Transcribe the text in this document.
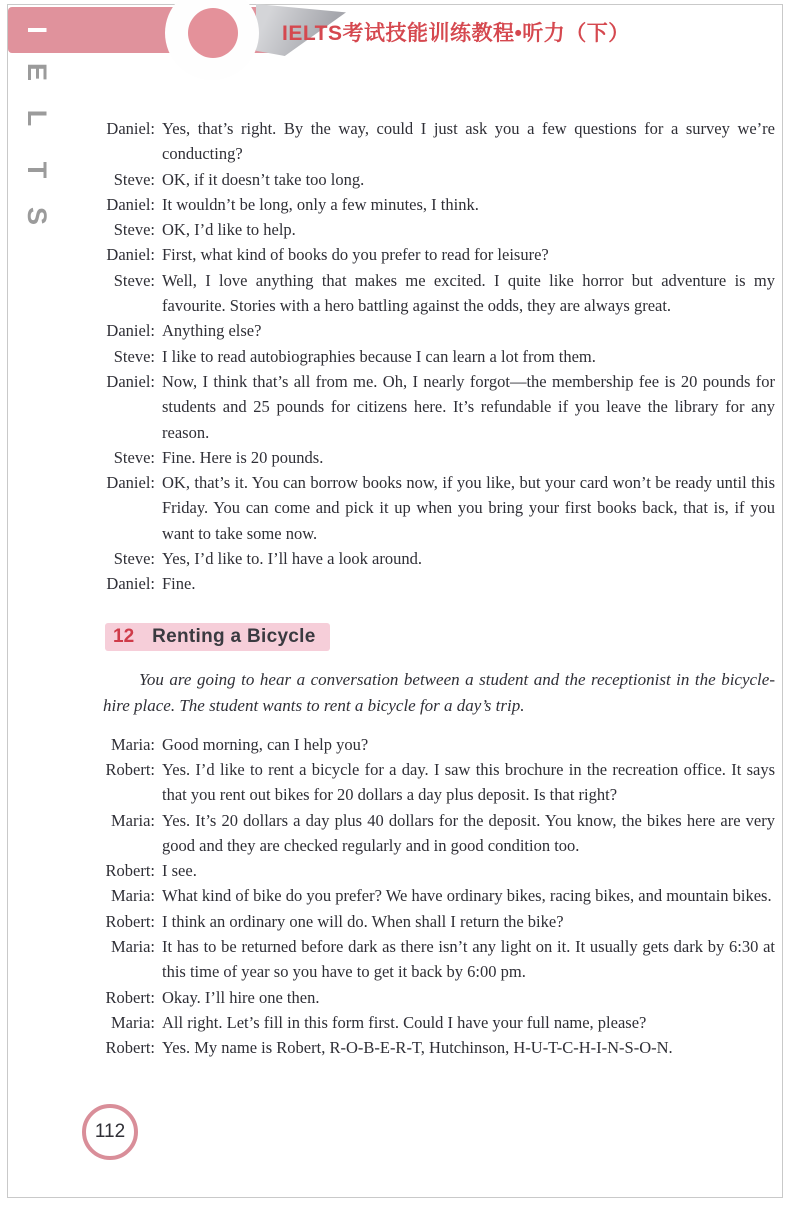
IELTS考试技能训练教程•听力（下）
I
E
L
T
S
Daniel: Yes, that’s right. By the way, could I just ask you a few questions for a survey we’re conducting?
Steve: OK, if it doesn’t take too long.
Daniel: It wouldn’t be long, only a few minutes, I think.
Steve: OK, I’d like to help.
Daniel: First, what kind of books do you prefer to read for leisure?
Steve: Well, I love anything that makes me excited. I quite like horror but adventure is my favourite. Stories with a hero battling against the odds, they are always great.
Daniel: Anything else?
Steve: I like to read autobiographies because I can learn a lot from them.
Daniel: Now, I think that’s all from me. Oh, I nearly forgot—the membership fee is 20 pounds for students and 25 pounds for citizens here. It’s refundable if you leave the library for any reason.
Steve: Fine. Here is 20 pounds.
Daniel: OK, that’s it. You can borrow books now, if you like, but your card won’t be ready until this Friday. You can come and pick it up when you bring your first books back, that is, if you want to take some now.
Steve: Yes, I’d like to. I’ll have a look around.
Daniel: Fine.
12 Renting a Bicycle

You are going to hear a conversation between a student and the receptionist in the bicycle-hire place. The student wants to rent a bicycle for a day’s trip.

Maria: Good morning, can I help you?
Robert: Yes. I’d like to rent a bicycle for a day. I saw this brochure in the recreation office. It says that you rent out bikes for 20 dollars a day plus deposit. Is that right?
Maria: Yes. It’s 20 dollars a day plus 40 dollars for the deposit. You know, the bikes here are very good and they are checked regularly and in good condition too.
Robert: I see.
Maria: What kind of bike do you prefer? We have ordinary bikes, racing bikes, and mountain bikes.
Robert: I think an ordinary one will do. When shall I return the bike?
Maria: It has to be returned before dark as there isn’t any light on it. It usually gets dark by 6:30 at this time of year so you have to get it back by 6:00 pm.
Robert: Okay. I’ll hire one then.
Maria: All right. Let’s fill in this form first. Could I have your full name, please?
Robert: Yes. My name is Robert, R-O-B-E-R-T, Hutchinson, H-U-T-C-H-I-N-S-O-N.
112
